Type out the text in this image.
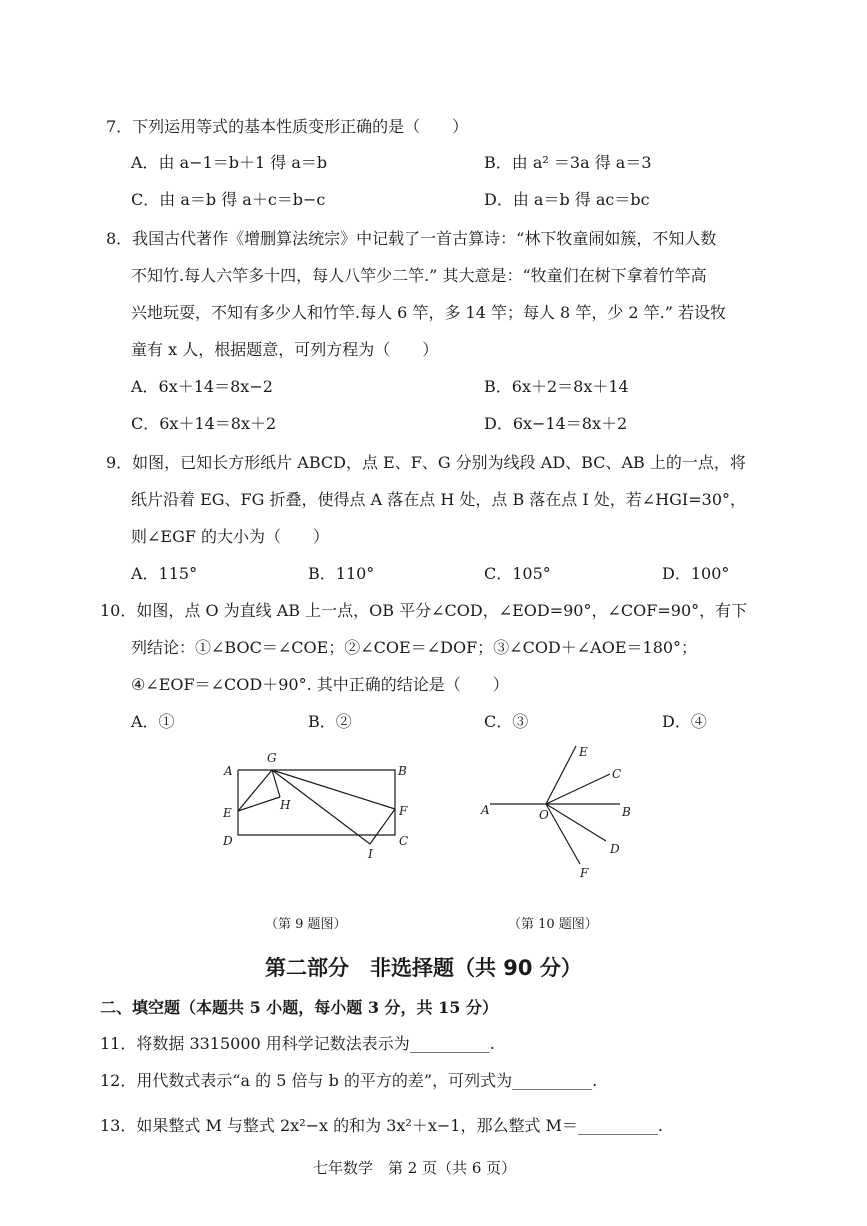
7．下列运用等式的基本性质变形正确的是（　　）
A．由 a−1＝b＋1 得 a＝b	B．由 a² ＝3a 得 a＝3
C．由 a＝b 得 a＋c＝b−c	D．由 a＝b 得 ac＝bc
8．我国古代著作《增删算法统宗》中记载了一首古算诗：“林下牧童闹如簇，不知人数
不知竹.每人六竿多十四，每人八竿少二竿.” 其大意是：“牧童们在树下拿着竹竿高
兴地玩耍，不知有多少人和竹竿.每人 6 竿，多 14 竿；每人 8 竿，少 2 竿.” 若设牧
童有 x 人，根据题意，可列方程为（　　）
A．6x＋14＝8x−2	B．6x＋2＝8x＋14
C．6x＋14＝8x＋2	D．6x−14＝8x＋2
9．如图，已知长方形纸片 ABCD，点 E、F、G 分别为线段 AD、BC、AB 上的一点，将
纸片沿着 EG、FG 折叠，使得点 A 落在点 H 处，点 B 落在点 I 处，若∠HGI=30°，
则∠EGF 的大小为（　　）
A．115°	B．110°	C．105°	D．100°
10．如图，点 O 为直线 AB 上一点，OB 平分∠COD，∠EOD=90°，∠COF=90°，有下
列结论：①∠BOC＝∠COE；②∠COE＝∠DOF；③∠COD＋∠AOE＝180°；
④∠EOF＝∠COD＋90°. 其中正确的结论是（　　）
A．①	B．②	C．③	D．④
A
G
B
E
H	F
D	C
I
A	O	B
E
C
D
F
（第 9 题图）	（第 10 题图）
第二部分　非选择题（共 90 分）
二、填空题（本题共 5 小题，每小题 3 分，共 15 分）
11．将数据 3315000 用科学记数法表示为__________.
12．用代数式表示“a 的 5 倍与 b 的平方的差”，可列式为__________.
13．如果整式 M 与整式 2x²−x 的和为 3x²＋x−1，那么整式 M＝__________.
七年数学　第 2 页（共 6 页）
